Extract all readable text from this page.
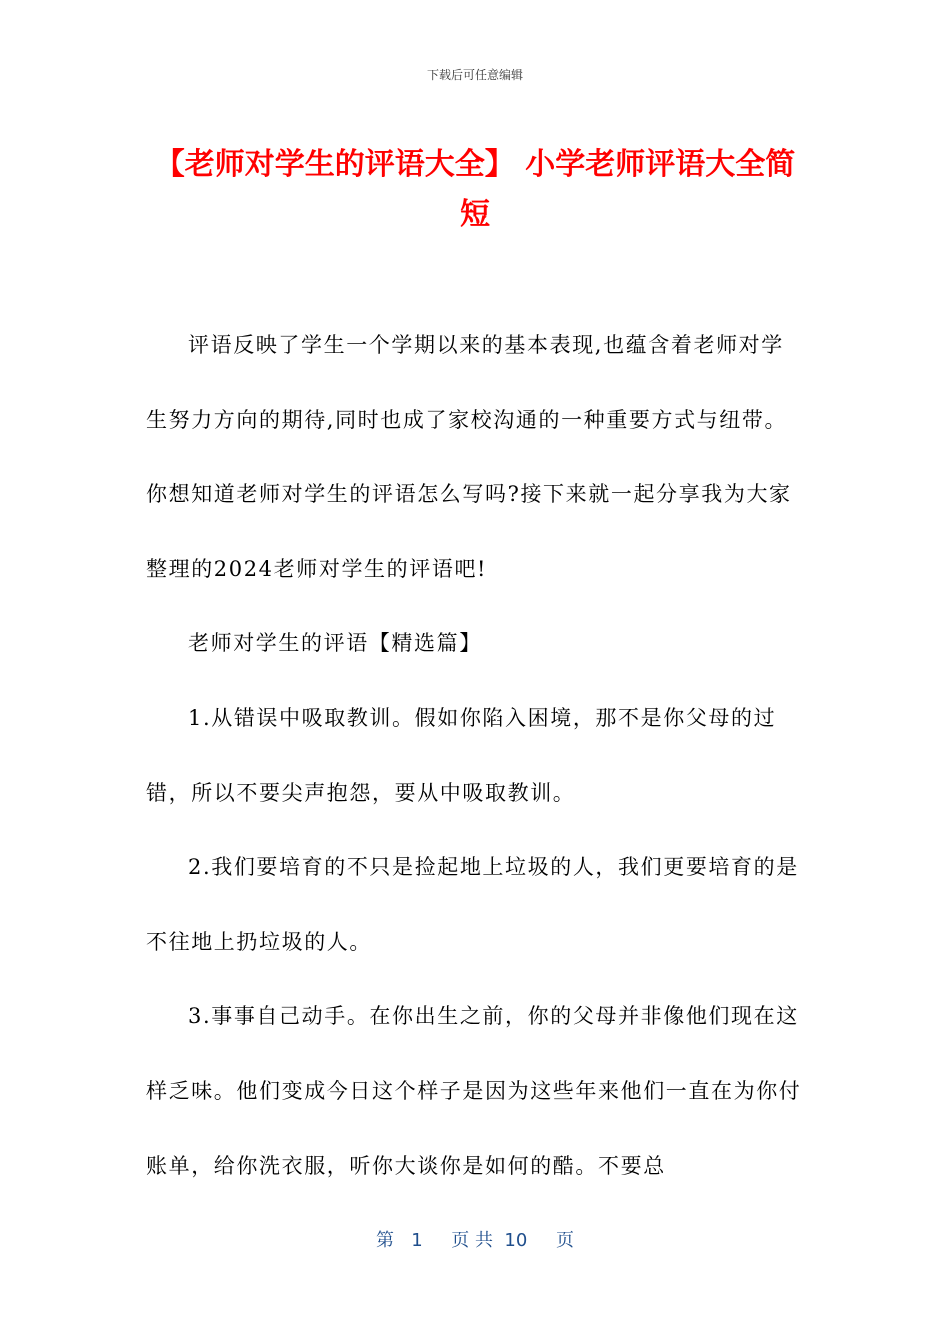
下载后可任意编辑
【老师对学生的评语大全】 小学老师评语大全简短

评语反映了学生一个学期以来的基本表现,也蕴含着老师对学生努力方向的期待,同时也成了家校沟通的一种重要方式与纽带。你想知道老师对学生的评语怎么写吗?接下来就一起分享我为大家整理的2024老师对学生的评语吧!

老师对学生的评语【精选篇】

1.从错误中吸取教训。假如你陷入困境，那不是你父母的过错，所以不要尖声抱怨，要从中吸取教训。

2.我们要培育的不只是捡起地上垃圾的人，我们更要培育的是不往地上扔垃圾的人。

3.事事自己动手。在你出生之前，你的父母并非像他们现在这样乏味。他们变成今日这个样子是因为这些年来他们一直在为你付账单，给你洗衣服，听你大谈你是如何的酷。不要总

第   1     页 共  10     页
